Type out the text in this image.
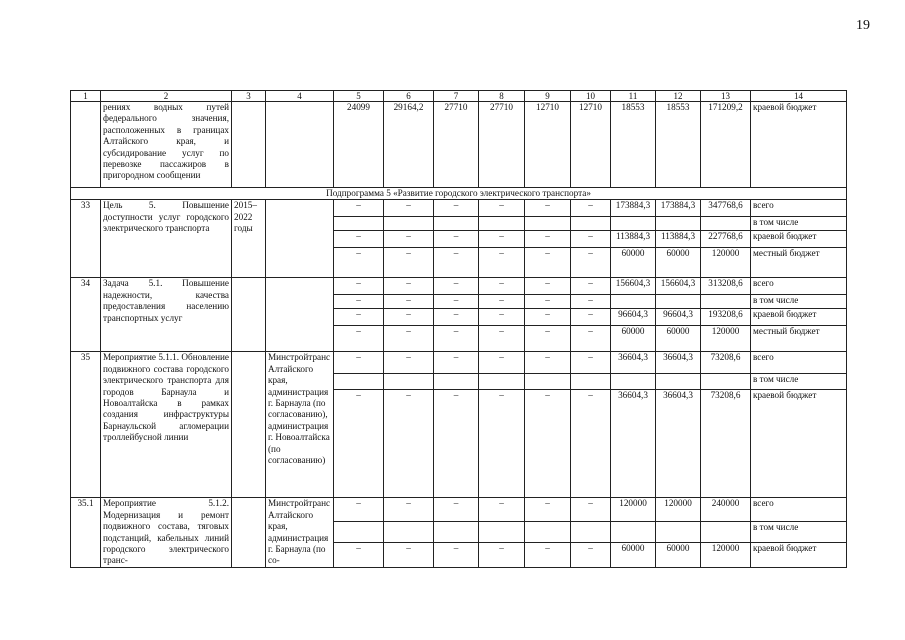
19
1	2	3	4	5	6	7	8	9	10	11	12	13	14
	рениях водных путей федерального значения, расположенных в границах Алтайского края, и субсидирование услуг по перевозке пассажиров в пригородном сообщении			24099	29164,2	27710	27710	12710	12710	18553	18553	171209,2	краевой бюджет
Подпрограмма 5 «Развитие городского электрического транспорта»													
33	Цель 5. Повышение доступности услуг городского электрического транспорта	2015–2022 годы		–	–	–	–	–	–	173884,3	173884,3	347768,6	всего
													в том числе
				–	–	–	–	–	–	113884,3	113884,3	227768,6	краевой бюджет
				–	–	–	–	–	–	60000	60000	120000	местный бюджет
34	Задача 5.1. Повышение надежности, качества предоставления населению транспортных услуг			–	–	–	–	–	–	156604,3	156604,3	313208,6	всего
				–	–	–	–	–	–				в том числе
				–	–	–	–	–	–	96604,3	96604,3	193208,6	краевой бюджет
				–	–	–	–	–	–	60000	60000	120000	местный бюджет
35	Мероприятие 5.1.1. Обновление подвижного состава городского электрического транспорта для городов Барнаула и Новоалтайска в рамках создания инфраструктуры Барнаульской агломерации троллейбусной линии		Минстройтранс Алтайского края, администрация г. Барнаула (по согласованию), администрация г. Новоалтайска (по согласованию)	–	–	–	–	–	–	36604,3	36604,3	73208,6	всего
													в том числе
				–	–	–	–	–	–	36604,3	36604,3	73208,6	краевой бюджет
35.1	Мероприятие 5.1.2. Модернизация и ремонт подвижного состава, тяговых подстанций, кабельных линий городского электрического транс-		Минстройтранс Алтайского края, администрация г. Барнаула (по со-	–	–	–	–	–	–	120000	120000	240000	всего
													в том числе
				–	–	–	–	–	–	60000	60000	120000	краевой бюджет
